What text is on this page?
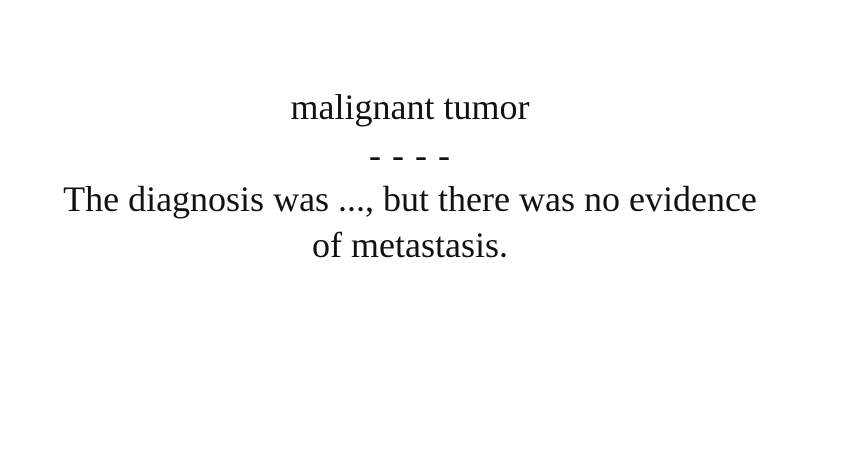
malignant tumor
- - - -
The diagnosis was ..., but there was no evidence of metastasis.
